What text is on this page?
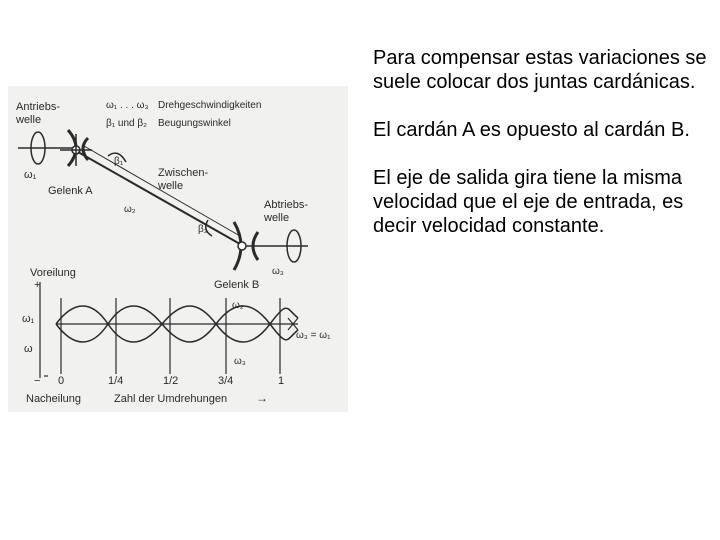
Antriebs-
welle
ω₁ . . . ω₃ Drehgeschwindigkeiten
β₁ und β₂ Beugungswinkel
ω₁
β₁
Gelenk A
Zwischen-
welle
ω₂
β₂
Abtriebs-
welle
ω₃
Gelenk B
Voreilung
+
−
ω₁
ω
ω₂
ω₃
ω₃ = ω₁
0	1/4	1/2	3/4	1
Nacheilung	Zahl der Umdrehungen →

Para compensar estas variaciones se suele colocar dos juntas cardánicas.

El cardán A es opuesto al cardán B.

El eje de salida gira tiene la misma velocidad que el eje de entrada, es decir velocidad constante.
